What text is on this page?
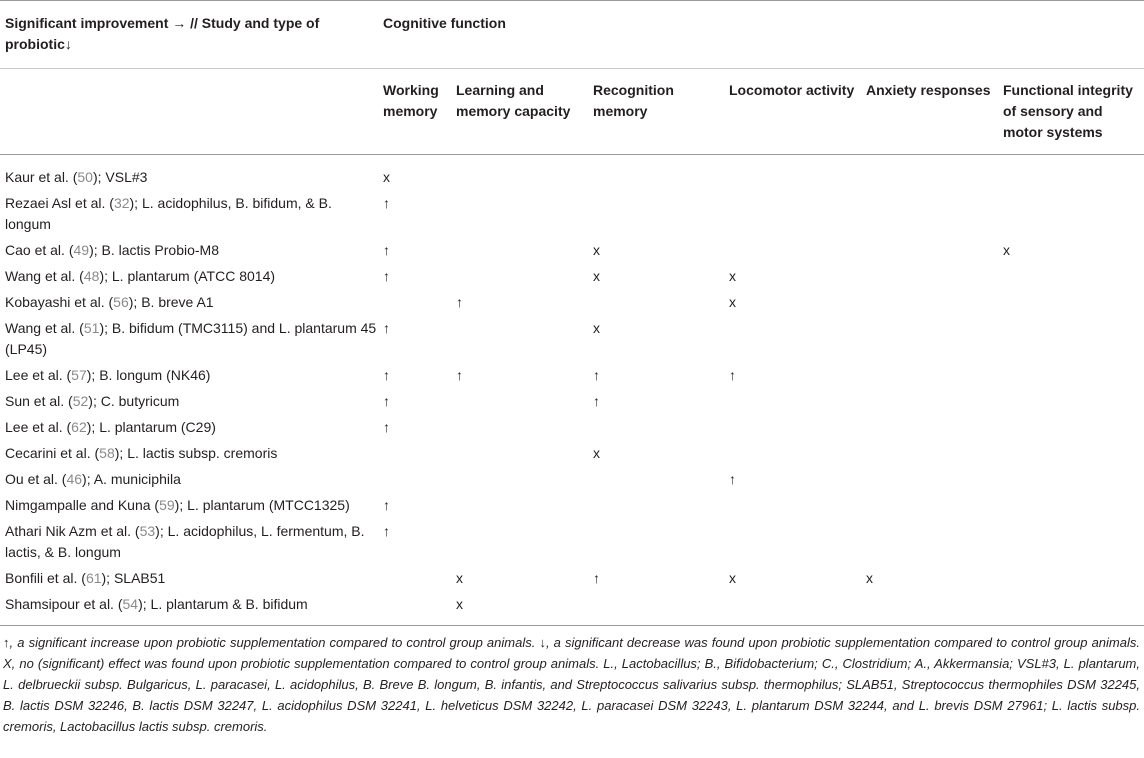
Significant improvement → // Study and type of probiotic↓	Cognitive function					
	Working memory	Learning and memory capacity	Recognition memory	Locomotor activity	Anxiety responses	Functional integrity of sensory and motor systems
Kaur et al. (50); VSL#3	x					
Rezaei Asl et al. (32); L. acidophilus, B. bifidum, & B. longum	↑					
Cao et al. (49); B. lactis Probio-M8	↑		x			x
Wang et al. (48); L. plantarum (ATCC 8014)	↑		x	x		
Kobayashi et al. (56); B. breve A1		↑		x		
Wang et al. (51); B. bifidum (TMC3115) and L. plantarum 45 (LP45)	↑		x			
Lee et al. (57); B. longum (NK46)	↑	↑	↑	↑		
Sun et al. (52); C. butyricum	↑		↑			
Lee et al. (62); L. plantarum (C29)	↑					
Cecarini et al. (58); L. lactis subsp. cremoris			x			
Ou et al. (46); A. municiphila				↑		
Nimgampalle and Kuna (59); L. plantarum (MTCC1325)	↑					
Athari Nik Azm et al. (53); L. acidophilus, L. fermentum, B. lactis, & B. longum	↑					
Bonfili et al. (61); SLAB51		x	↑	x	x	
Shamsipour et al. (54); L. plantarum & B. bifidum		x				
↑, a significant increase upon probiotic supplementation compared to control group animals. ↓, a significant decrease was found upon probiotic supplementation compared to control group animals. X, no (significant) effect was found upon probiotic supplementation compared to control group animals. L., Lactobacillus; B., Bifidobacterium; C., Clostridium; A., Akkermansia; VSL#3, L. plantarum, L. delbrueckii subsp. Bulgaricus, L. paracasei, L. acidophilus, B. Breve B. longum, B. infantis, and Streptococcus salivarius subsp. thermophilus; SLAB51, Streptococcus thermophiles DSM 32245, B. lactis DSM 32246, B. lactis DSM 32247, L. acidophilus DSM 32241, L. helveticus DSM 32242, L. paracasei DSM 32243, L. plantarum DSM 32244, and L. brevis DSM 27961; L. lactis subsp. cremoris, Lactobacillus lactis subsp. cremoris.
